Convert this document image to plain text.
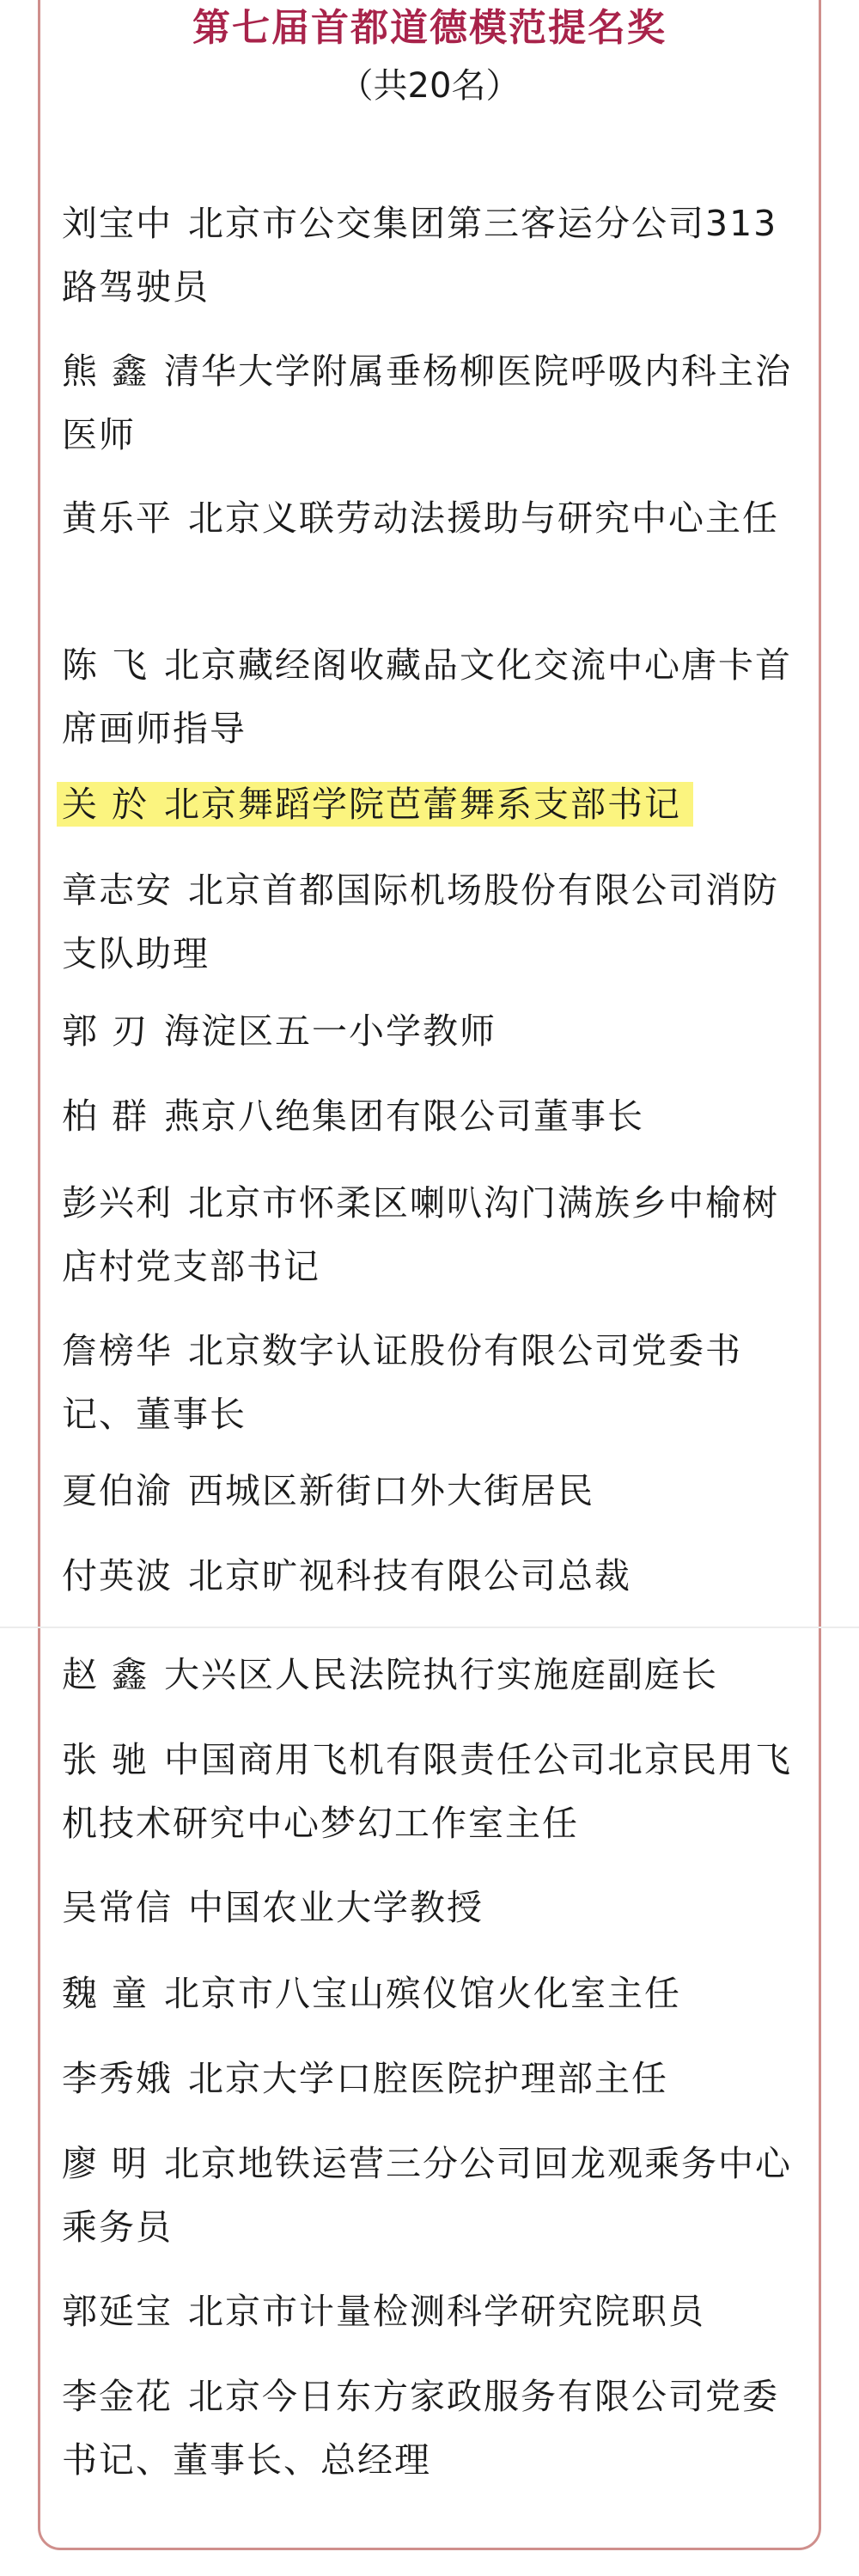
第七届首都道德模范提名奖
（共20名）
刘宝中 北京市公交集团第三客运分公司313路驾驶员
熊 鑫 清华大学附属垂杨柳医院呼吸内科主治医师
黄乐平 北京义联劳动法援助与研究中心主任
陈 飞 北京藏经阁收藏品文化交流中心唐卡首席画师指导
关 於 北京舞蹈学院芭蕾舞系支部书记
章志安 北京首都国际机场股份有限公司消防支队助理
郭 刃 海淀区五一小学教师
柏 群 燕京八绝集团有限公司董事长
彭兴利 北京市怀柔区喇叭沟门满族乡中榆树店村党支部书记
詹榜华 北京数字认证股份有限公司党委书记、董事长
夏伯渝 西城区新街口外大街居民
付英波 北京旷视科技有限公司总裁
赵 鑫 大兴区人民法院执行实施庭副庭长
张 驰 中国商用飞机有限责任公司北京民用飞机技术研究中心梦幻工作室主任
吴常信 中国农业大学教授
魏 童 北京市八宝山殡仪馆火化室主任
李秀娥 北京大学口腔医院护理部主任
廖 明 北京地铁运营三分公司回龙观乘务中心乘务员
郭延宝 北京市计量检测科学研究院职员
李金花 北京今日东方家政服务有限公司党委书记、董事长、总经理
